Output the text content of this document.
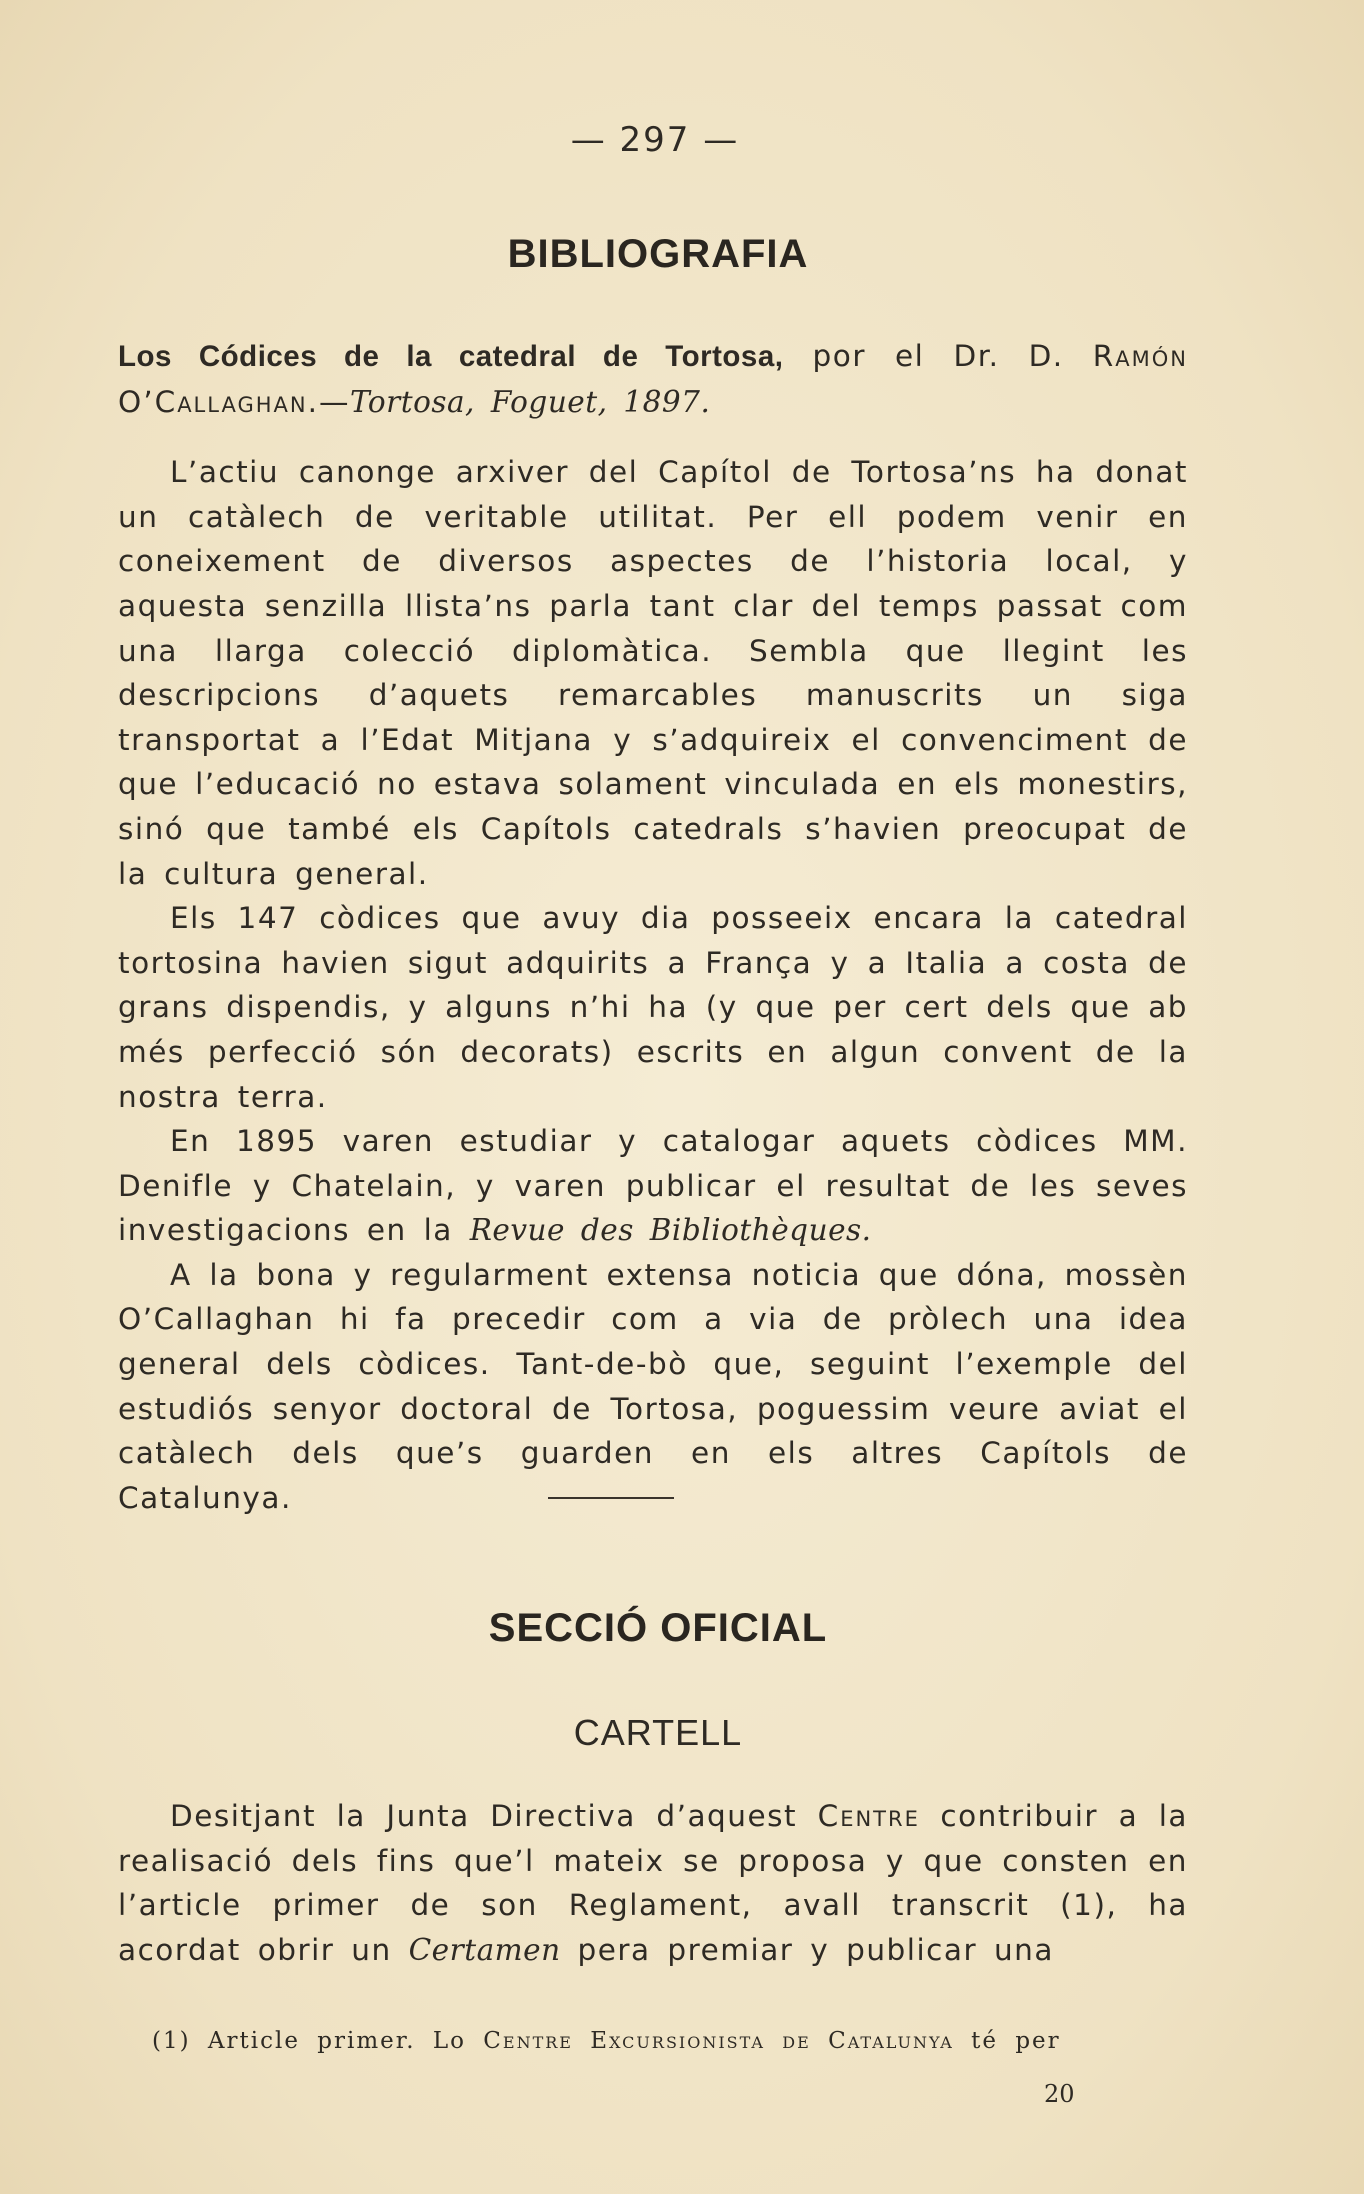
— 297 —
BIBLIOGRAFIA

Los Códices de la catedral de Tortosa, por el Dr. D. Ramón O’Callaghan.—Tortosa, Foguet, 1897.

L’actiu canonge arxiver del Capítol de Tortosa’ns ha donat un catàlech de veritable utilitat. Per ell podem venir en coneixement de diversos aspectes de l’historia local, y aquesta senzilla llista’ns parla tant clar del temps passat com una llarga colecció diplomàtica. Sembla que llegint les descripcions d’aquets remarcables manuscrits un siga transportat a l’Edat Mitjana y s’adquireix el convenciment de que l’educació no estava solament vinculada en els monestirs, sinó que també els Capítols catedrals s’havien preocupat de la cultura general.

Els 147 còdices que avuy dia posseeix encara la catedral tortosina havien sigut adquirits a França y a Italia a costa de grans dispendis, y alguns n’hi ha (y que per cert dels que ab més perfecció són decorats) escrits en algun convent de la nostra terra.

En 1895 varen estudiar y catalogar aquets còdices MM. Denifle y Chatelain, y varen publicar el resultat de les seves investigacions en la Revue des Bibliothèques.

A la bona y regularment extensa noticia que dóna, mossèn O’Callaghan hi fa precedir com a via de pròlech una idea general dels còdices. Tant-de-bò que, seguint l’exemple del estudiós senyor doctoral de Tortosa, poguessim veure aviat el catàlech dels que’s guarden en els altres Capítols de Catalunya.

SECCIÓ OFICIAL
CARTELL

Desitjant la Junta Directiva d’aquest Centre contribuir a la realisació dels fins que’l mateix se proposa y que consten en l’article primer de son Reglament, avall transcrit (1), ha acordat obrir un Certamen pera premiar y publicar una

(1) Article primer. Lo Centre Excursionista de Catalunya té per
20
